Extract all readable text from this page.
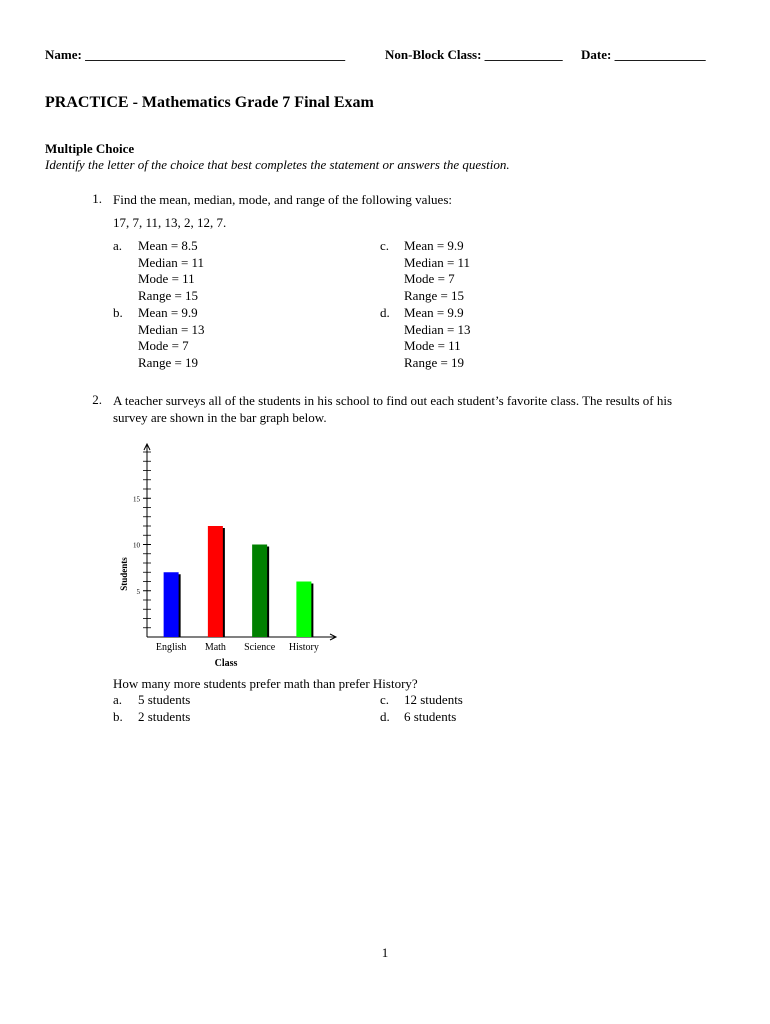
Name: ________________________________________	Non-Block Class: ____________ Date: ______________
PRACTICE - Mathematics Grade 7 Final Exam
Multiple Choice
Identify the letter of the choice that best completes the statement or answers the question.
1. Find the mean, median, mode, and range of the following values:
17, 7, 11, 13, 2, 12, 7.
a. Mean = 8.5
Median = 11
Mode = 11
Range = 15
b. Mean = 9.9
Median = 13
Mode = 7
Range = 19
c. Mean = 9.9
Median = 11
Mode = 7
Range = 15
d. Mean = 9.9
Median = 13
Mode = 11
Range = 19
2. A teacher surveys all of the students in his school to find out each student’s favorite class. The results of his
survey are shown in the bar graph below.
5
10
15
English Math Science History
Class
Students
How many more students prefer math than prefer History?
a. 5 students
b. 2 students
c. 12 students
d. 6 students
1
